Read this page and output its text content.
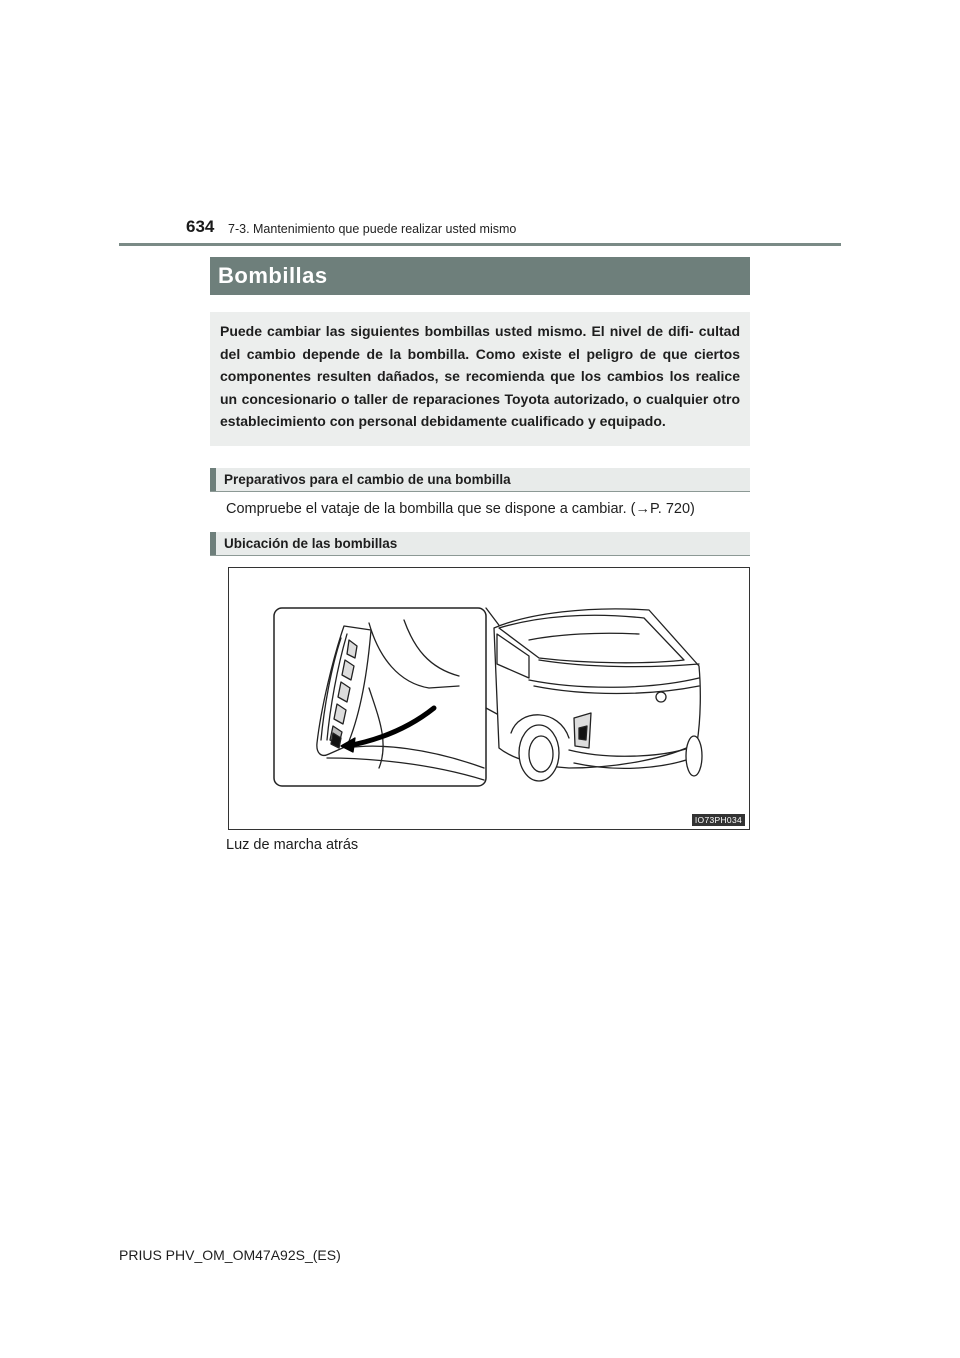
634 7-3. Mantenimiento que puede realizar usted mismo
Bombillas
Puede cambiar las siguientes bombillas usted mismo. El nivel de difi- cultad del cambio depende de la bombilla. Como existe el peligro de que ciertos componentes resulten dañados, se recomienda que los cambios los realice un concesionario o taller de reparaciones Toyota autorizado, o cualquier otro establecimiento con personal debidamente cualificado y equipado.
Preparativos para el cambio de una bombilla
Compruebe el vataje de la bombilla que se dispone a cambiar. (→P. 720)
Ubicación de las bombillas
IO73PH034
Luz de marcha atrás
PRIUS PHV_OM_OM47A92S_(ES)
